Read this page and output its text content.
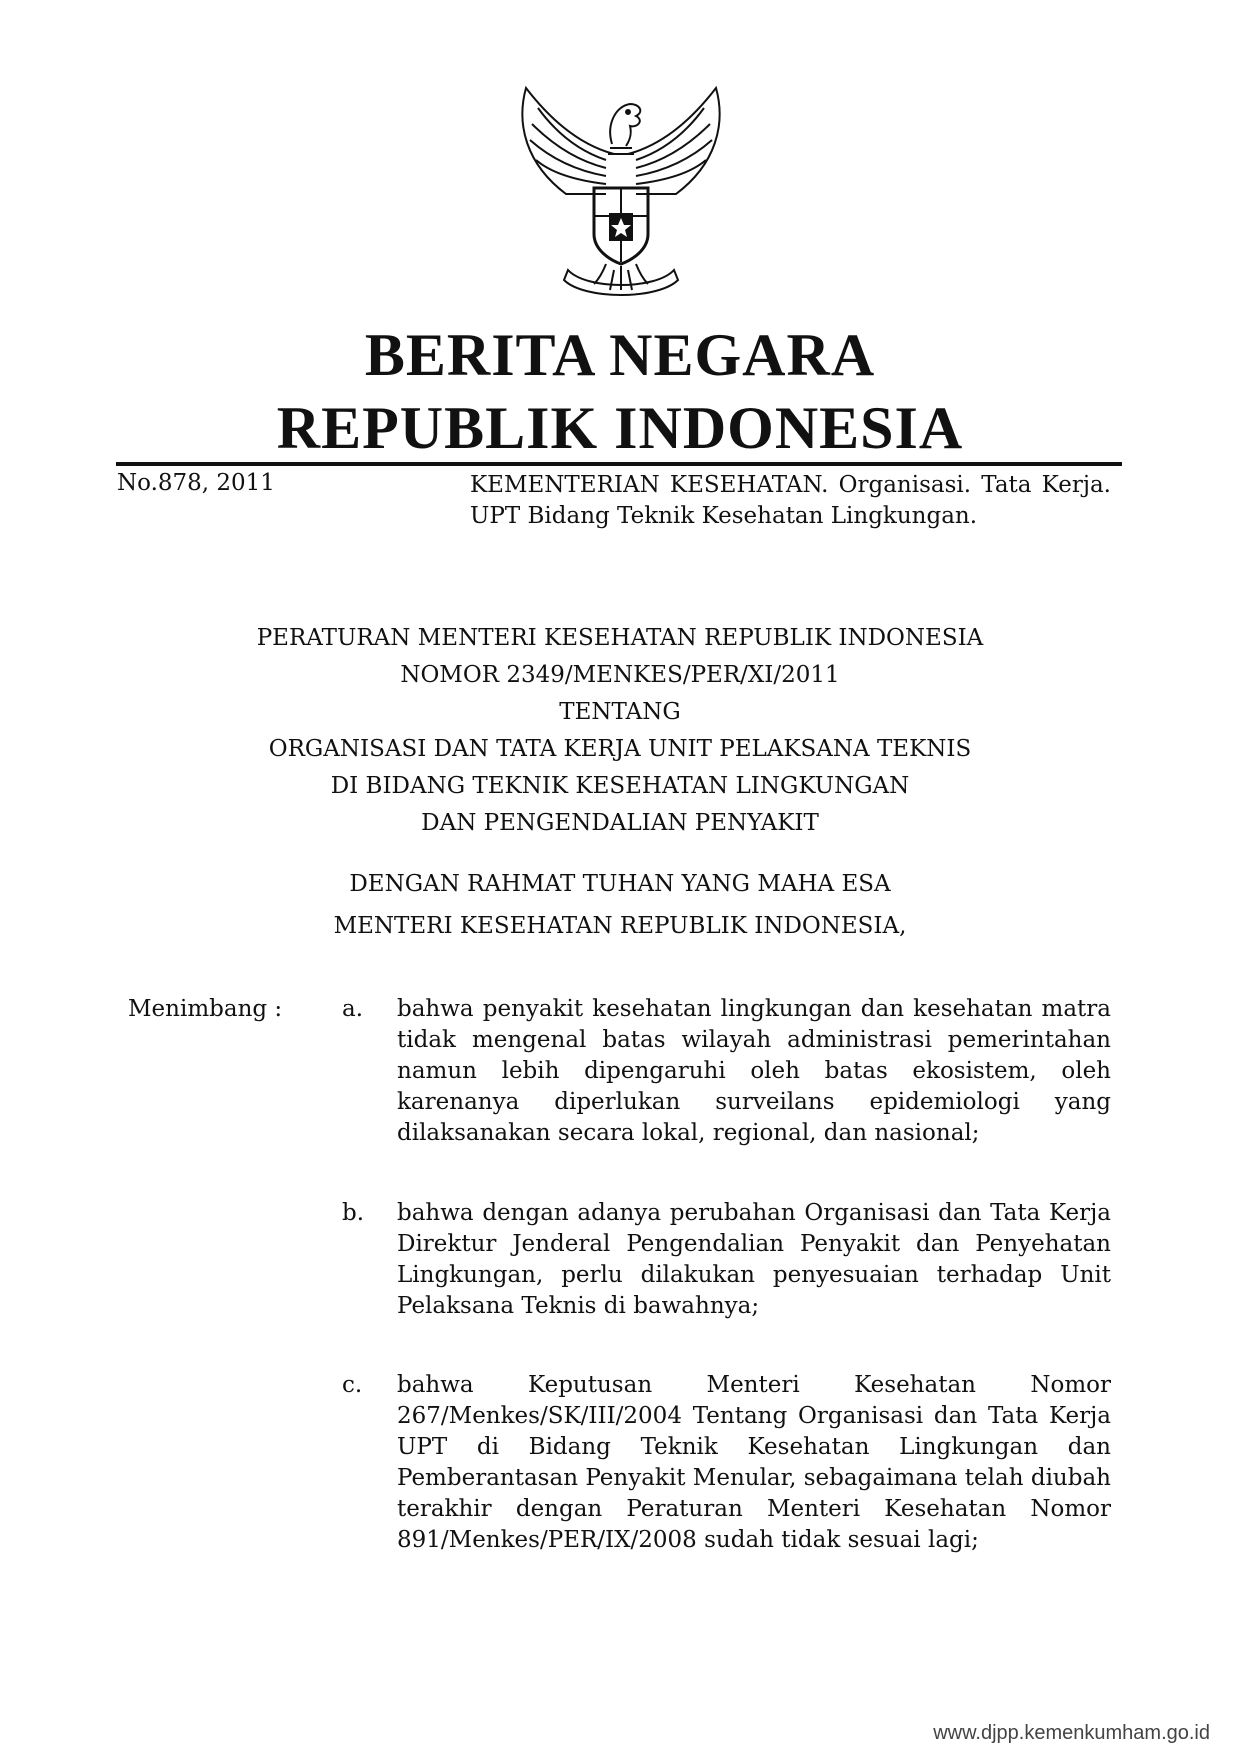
BERITA NEGARA
REPUBLIK INDONESIA
No.878, 2011	KEMENTERIAN KESEHATAN. Organisasi. Tata Kerja. UPT Bidang Teknik Kesehatan Lingkungan.
PERATURAN MENTERI KESEHATAN REPUBLIK INDONESIA
NOMOR 2349/MENKES/PER/XI/2011
TENTANG
ORGANISASI DAN TATA KERJA UNIT PELAKSANA TEKNIS
DI BIDANG TEKNIK KESEHATAN LINGKUNGAN
DAN PENGENDALIAN PENYAKIT
DENGAN RAHMAT TUHAN YANG MAHA ESA
MENTERI KESEHATAN REPUBLIK INDONESIA,
Menimbang :	a. bahwa penyakit kesehatan lingkungan dan kesehatan matra tidak mengenal batas wilayah administrasi pemerintahan namun lebih dipengaruhi oleh batas ekosistem, oleh karenanya diperlukan surveilans epidemiologi yang dilaksanakan secara lokal, regional, dan nasional;
b. bahwa dengan adanya perubahan Organisasi dan Tata Kerja Direktur Jenderal Pengendalian Penyakit dan Penyehatan Lingkungan, perlu dilakukan penyesuaian terhadap Unit Pelaksana Teknis di bawahnya;
c. bahwa Keputusan Menteri Kesehatan Nomor 267/Menkes/SK/III/2004 Tentang Organisasi dan Tata Kerja UPT di Bidang Teknik Kesehatan Lingkungan dan Pemberantasan Penyakit Menular, sebagaimana telah diubah terakhir dengan Peraturan Menteri Kesehatan Nomor 891/Menkes/PER/IX/2008 sudah tidak sesuai lagi;
www.djpp.kemenkumham.go.id
